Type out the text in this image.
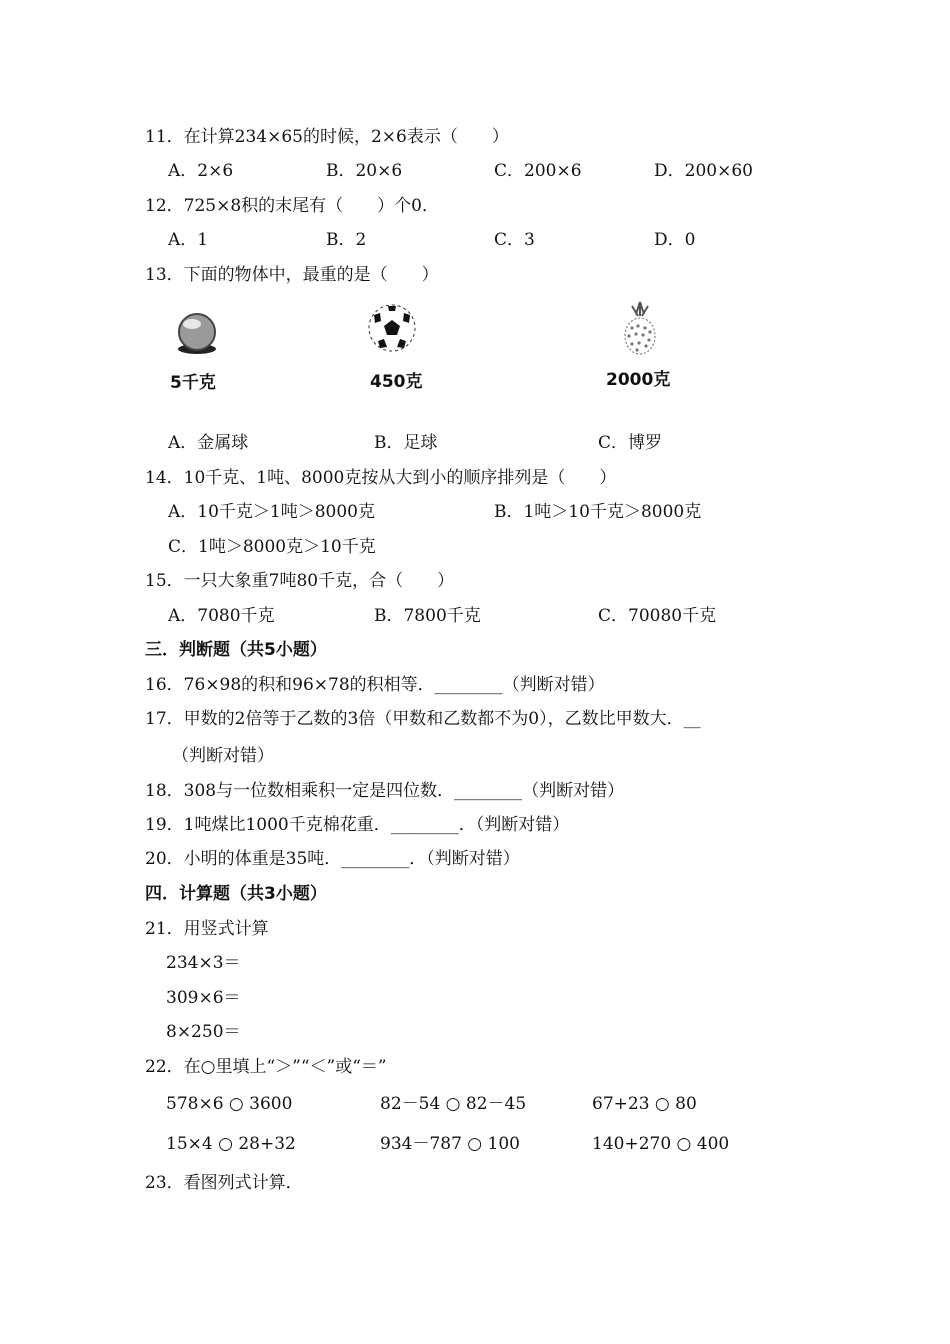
11．在计算234×65的时候，2×6表示（　　）
A．2×6	B．20×6	C．200×6	D．200×60
12．725×8积的末尾有（　　）个0．
A．1	B．2	C．3	D．0
13．下面的物体中，最重的是（　　）
5千克	450克	2000克
A．金属球	B．足球	C．博罗
14．10千克、1吨、8000克按从大到小的顺序排列是（　　）
A．10千克＞1吨＞8000克	B．1吨＞10千克＞8000克
C．1吨＞8000克＞10千克
15．一只大象重7吨80千克，合（　　）
A．7080千克	B．7800千克	C．70080千克
三．判断题（共5小题）
16．76×98的积和96×78的积相等．________（判断对错）
17．甲数的2倍等于乙数的3倍（甲数和乙数都不为0），乙数比甲数大．__
（判断对错）
18．308与一位数相乘积一定是四位数．________（判断对错）
19．1吨煤比1000千克棉花重．________．（判断对错）
20．小明的体重是35吨．________．（判断对错）
四．计算题（共3小题）
21．用竖式计算
234×3＝
309×6＝
8×250＝
22．在○里填上“＞”“＜”或“＝”
578×6 ○ 3600	82－54 ○ 82－45	67+23 ○ 80
15×4 ○ 28+32	934－787 ○ 100	140+270 ○ 400
23．看图列式计算．
